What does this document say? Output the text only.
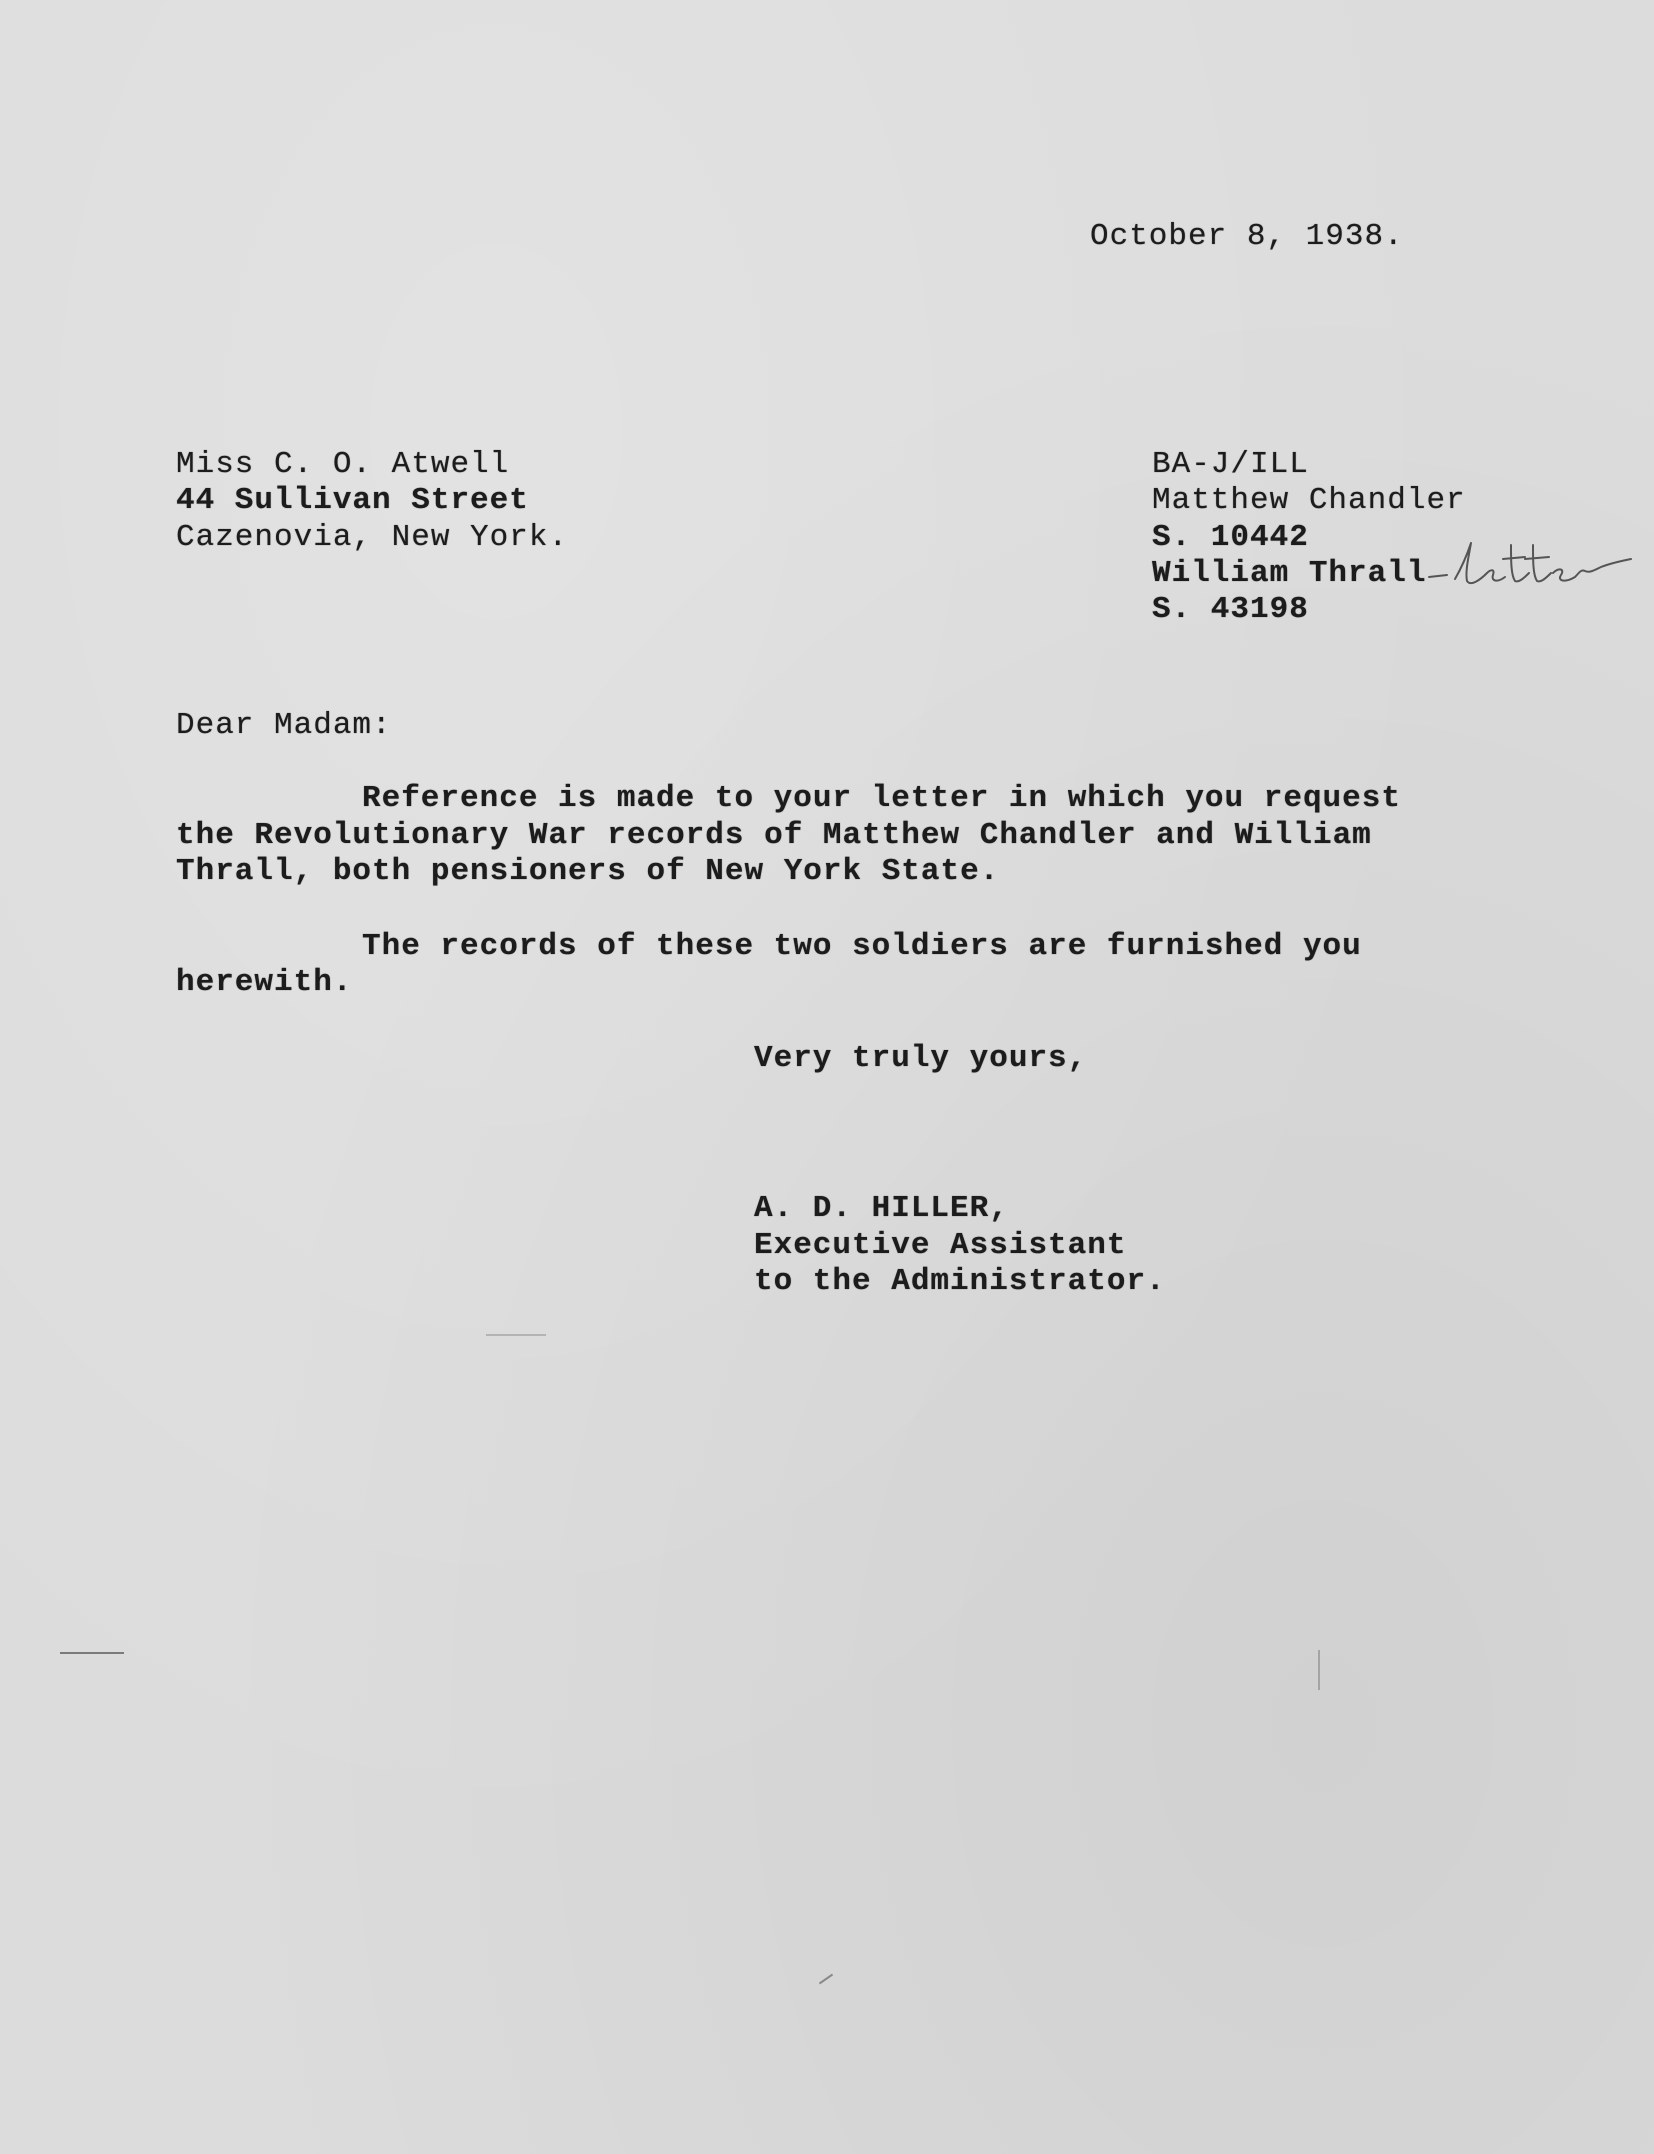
October 8, 1938.
Miss C. O. Atwell
44 Sullivan Street
Cazenovia, New York.
BA-J/ILL
Matthew Chandler
S. 10442
William Thrall
S. 43198
Dear Madam:
Reference is made to your letter in which you request
the Revolutionary War records of Matthew Chandler and William
Thrall, both pensioners of New York State.
The records of these two soldiers are furnished you
herewith.
Very truly yours,
A. D. HILLER,
Executive Assistant
to the Administrator.
